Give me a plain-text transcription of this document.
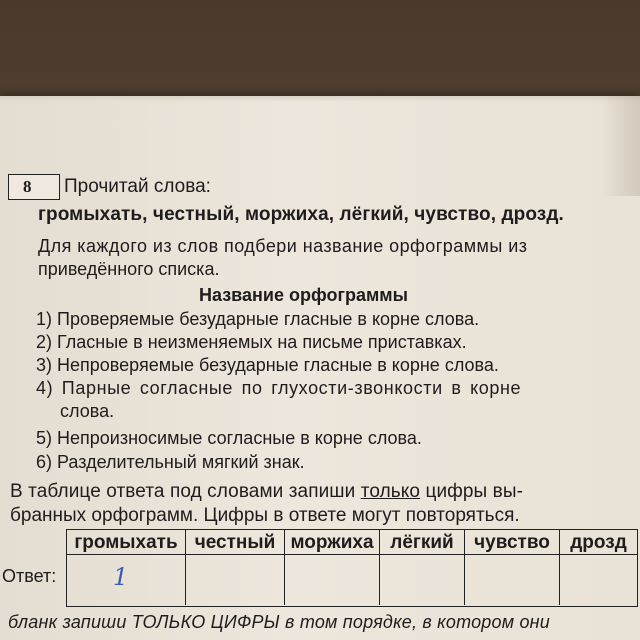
8 Прочитай слова:
громыхать, честный, моржиха, лёгкий, чувство, дрозд.
Для каждого из слов подбери название орфограммы из
приведённого списка.
Название орфограммы
1) Проверяемые безударные гласные в корне слова.
2) Гласные в неизменяемых на письме приставках.
3) Непроверяемые безударные гласные в корне слова.
4) Парные согласные по глухости-звонкости в корне
слова.
5) Непроизносимые согласные в корне слова.
6) Разделительный мягкий знак.
В таблице ответа под словами запиши только цифры вы-
бранных орфограмм. Цифры в ответе могут повторяться.
Ответ:
громыхать честный моржиха лёгкий	чувство	дрозд
1
бланк запиши ТОЛЬКО ЦИФРЫ в том порядке, в котором они
